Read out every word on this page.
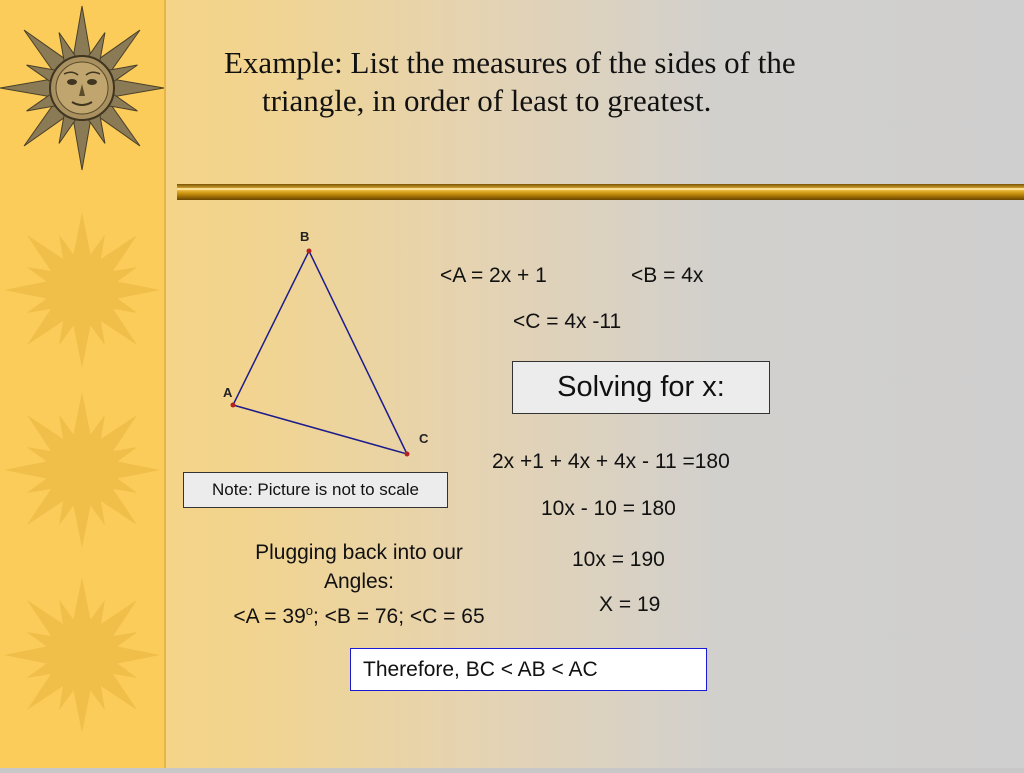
Example: List the measures of the sides of the
triangle, in order of least to greatest.
B
A
C
Note: Picture is not to scale
<A = 2x + 1	<B = 4x
<C = 4x -11
Solving for x:
2x +1 + 4x + 4x - 11 =180
10x - 10 = 180
10x = 190
X = 19
Plugging back into our
Angles:
$<A = 39^o$; <B = 76; <C = 65
Therefore, BC < AB < AC
